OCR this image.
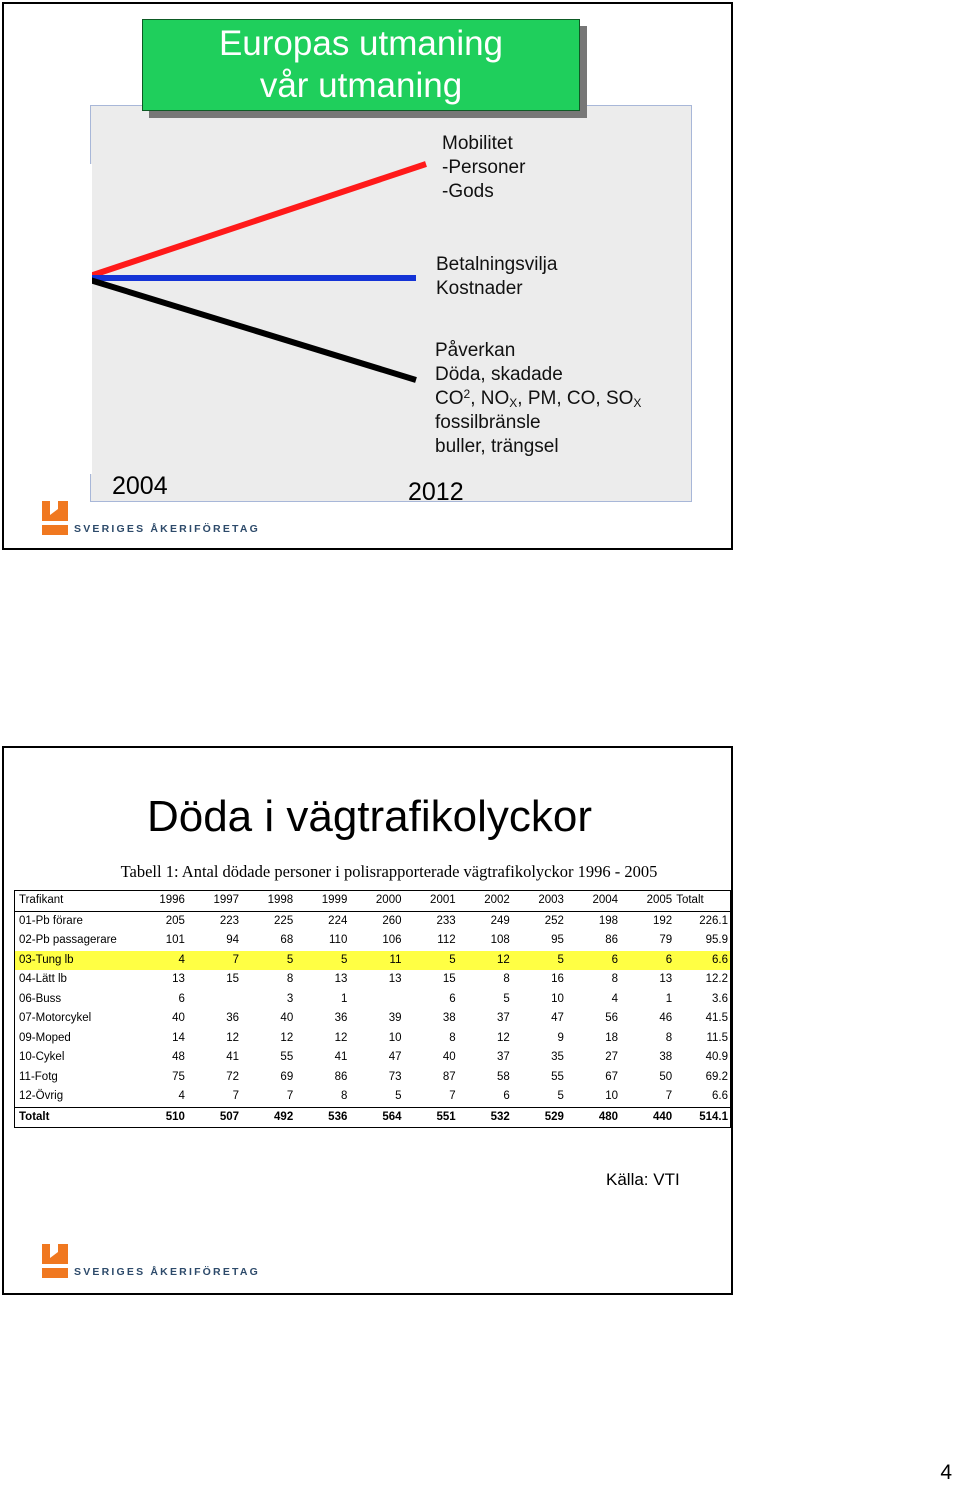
Europas utmaning
vår utmaning
Mobilitet
-Personer
-Gods
Betalningsvilja
Kostnader
Påverkan
Döda, skadade
$CO^2$, $NO_X$, PM, CO, $SO_X$
fossilbränsle
buller, trängsel
2004	2012
SVERIGES ÅKERIFÖRETAG
Döda i vägtrafikolyckor
Tabell 1: Antal dödade personer i polisrapporterade vägtrafikolyckor 1996 - 2005
Trafikant	1996	1997	1998	1999	2000	2001	2002	2003	2004	2005	Totalt
01-Pb förare	205	223	225	224	260	233	249	252	198	192	226.1
02-Pb passagerare	101	94	68	110	106	112	108	95	86	79	95.9
03-Tung lb	4	7	5	5	11	5	12	5	6	6	6.6
04-Lätt lb	13	15	8	13	13	15	8	16	8	13	12.2
06-Buss	6		3	1		6	5	10	4	1	3.6
07-Motorcykel	40	36	40	36	39	38	37	47	56	46	41.5
09-Moped	14	12	12	12	10	8	12	9	18	8	11.5
10-Cykel	48	41	55	41	47	40	37	35	27	38	40.9
11-Fotg	75	72	69	86	73	87	58	55	67	50	69.2
12-Övrig	4	7	7	8	5	7	6	5	10	7	6.6
Totalt	510	507	492	536	564	551	532	529	480	440	514.1
Källa: VTI
SVERIGES ÅKERIFÖRETAG
4
